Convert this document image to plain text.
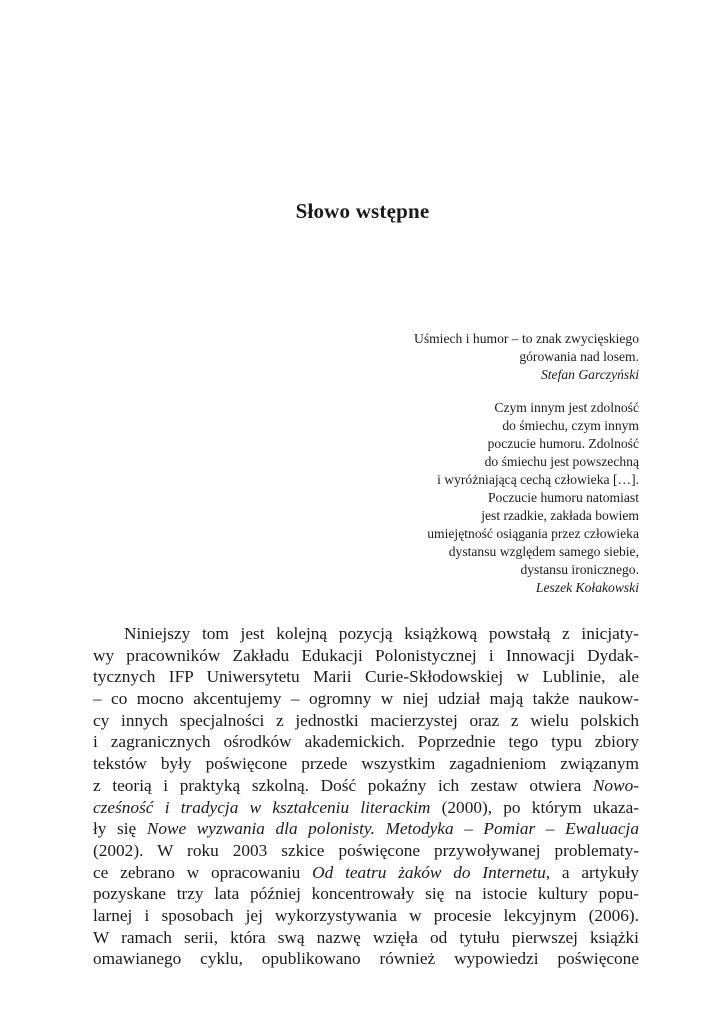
Słowo wstępne
Uśmiech i humor – to znak zwycięskiego
górowania nad losem.
Stefan Garczyński
Czym innym jest zdolność
do śmiechu, czym innym
poczucie humoru. Zdolność
do śmiechu jest powszechną
i wyróżniającą cechą człowieka […].
Poczucie humoru natomiast
jest rzadkie, zakłada bowiem
umiejętność osiągania przez człowieka
dystansu względem samego siebie,
dystansu ironicznego.
Leszek Kołakowski
Niniejszy tom jest kolejną pozycją książkową powstałą z inicjaty-
wy pracowników Zakładu Edukacji Polonistycznej i Innowacji Dydak-
tycznych IFP Uniwersytetu Marii Curie-Skłodowskiej w Lublinie, ale
– co mocno akcentujemy – ogromny w niej udział mają także naukow-
cy innych specjalności z jednostki macierzystej oraz z wielu polskich
i zagranicznych ośrodków akademickich. Poprzednie tego typu zbiory
tekstów były poświęcone przede wszystkim zagadnieniom związanym
z teorią i praktyką szkolną. Dość pokaźny ich zestaw otwiera Nowo-
cześność i tradycja w kształceniu literackim (2000), po którym ukaza-
ły się Nowe wyzwania dla polonisty. Metodyka – Pomiar – Ewaluacja
(2002). W roku 2003 szkice poświęcone przywoływanej problematy-
ce zebrano w opracowaniu Od teatru żaków do Internetu, a artykuły
pozyskane trzy lata później koncentrowały się na istocie kultury popu-
larnej i sposobach jej wykorzystywania w procesie lekcyjnym (2006).
W ramach serii, która swą nazwę wzięła od tytułu pierwszej książki
omawianego cyklu, opublikowano również wypowiedzi poświęcone
